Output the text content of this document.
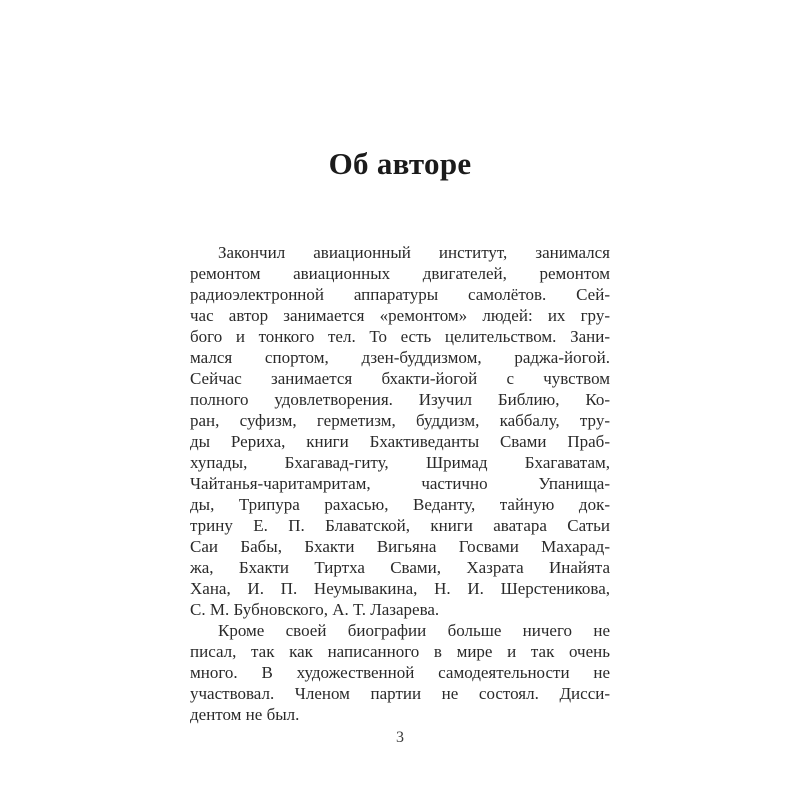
Об авторе
Закончил авиационный институт, занимался
ремонтом авиационных двигателей, ремонтом
радиоэлектронной аппаратуры самолётов. Сей-
час автор занимается «ремонтом» людей: их гру-
бого и тонкого тел. То есть целительством. Зани-
мался спортом, дзен-буддизмом, раджа-йогой.
Сейчас занимается бхакти-йогой с чувством
полного удовлетворения. Изучил Библию, Ко-
ран, суфизм, герметизм, буддизм, каббалу, тру-
ды Рериха, книги Бхактиведанты Свами Праб-
хупады, Бхагавад-гиту, Шримад Бхагаватам,
Чайтанья-чаритамритам, частично Упанища-
ды, Трипура рахасью, Веданту, тайную док-
трину Е. П. Блаватской, книги аватара Сатьи
Саи Бабы, Бхакти Вигьяна Госвами Махарад-
жа, Бхакти Тиртха Свами, Хазрата Инайята
Хана, И. П. Неумывакина, Н. И. Шерстеникова,
С. М. Бубновского, А. Т. Лазарева.
Кроме своей биографии больше ничего не
писал, так как написанного в мире и так очень
много. В художественной самодеятельности не
участвовал. Членом партии не состоял. Дисси-
дентом не был.
3
